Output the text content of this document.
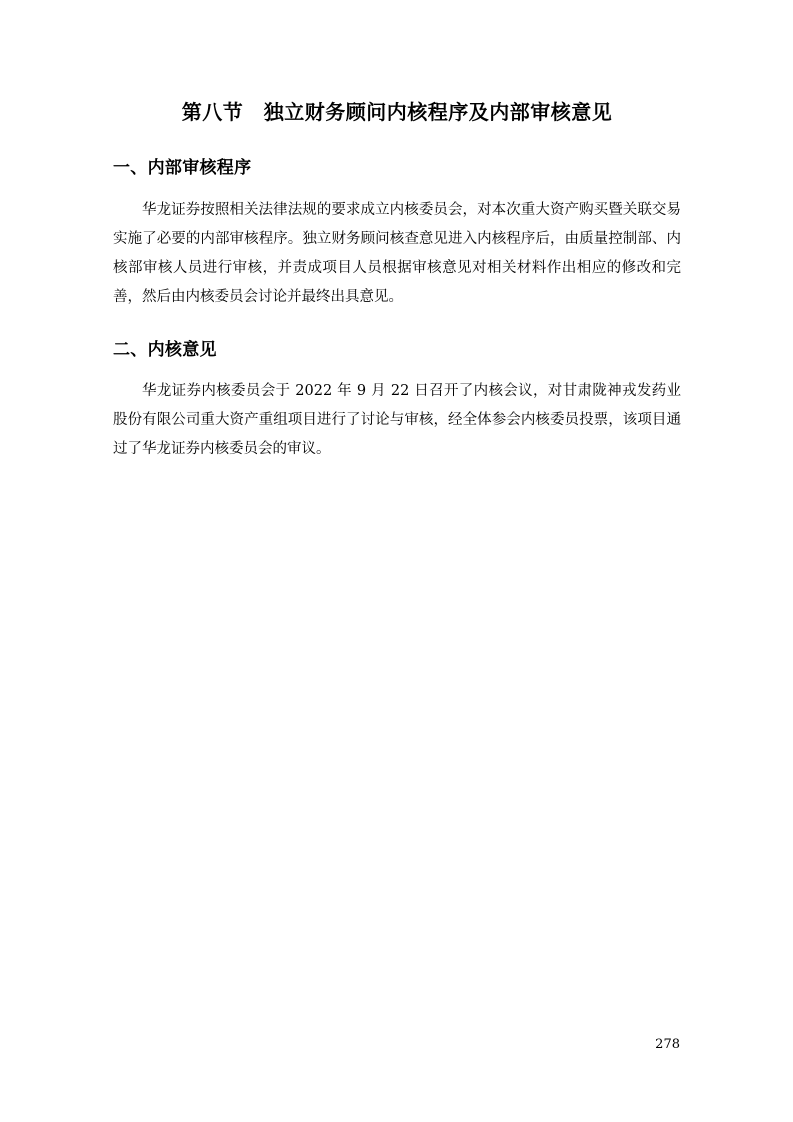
第八节　独立财务顾问内核程序及内部审核意见
一、内部审核程序

华龙证券按照相关法律法规的要求成立内核委员会，对本次重大资产购买暨关联交易实施了必要的内部审核程序。独立财务顾问核查意见进入内核程序后，由质量控制部、内核部审核人员进行审核，并责成项目人员根据审核意见对相关材料作出相应的修改和完善，然后由内核委员会讨论并最终出具意见。

二、内核意见

华龙证券内核委员会于 2022 年 9 月 22 日召开了内核会议，对甘肃陇神戎发药业股份有限公司重大资产重组项目进行了讨论与审核，经全体参会内核委员投票，该项目通过了华龙证券内核委员会的审议。

278
